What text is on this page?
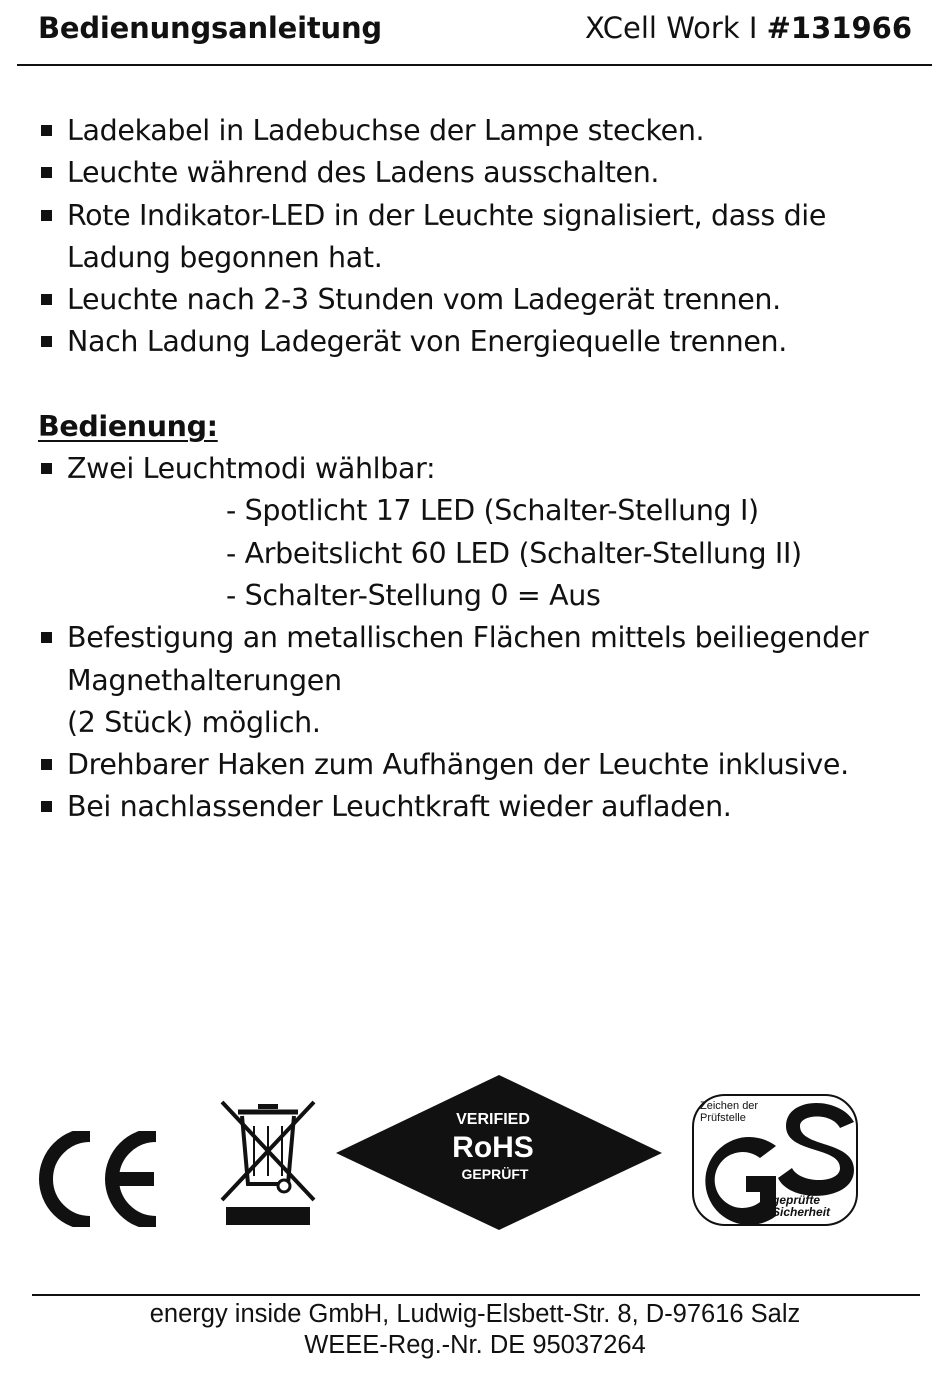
Bedienungsanleitung	XCell Work I #131966
Ladekabel in Ladebuchse der Lampe stecken.
Leuchte während des Ladens ausschalten.
Rote Indikator-LED in der Leuchte signalisiert, dass die Ladung begonnen hat.
Leuchte nach 2-3 Stunden vom Ladegerät trennen.
Nach Ladung Ladegerät von Energiequelle trennen.
Bedienung:
Zwei Leuchtmodi wählbar:
- Spotlicht 17 LED (Schalter-Stellung I)
- Arbeitslicht 60 LED (Schalter-Stellung II)
- Schalter-Stellung 0 = Aus
Befestigung an metallischen Flächen mittels beiliegender Magnethalterungen
(2 Stück) möglich.
Drehbarer Haken zum Aufhängen der Leuchte inklusive.
Bei nachlassender Leuchtkraft wieder aufladen.
VERIFIED
RoHS
GEPRÜFT
Zeichen der
Prüfstelle
geprüfte
Sicherheit
energy inside GmbH, Ludwig-Elsbett-Str. 8, D-97616 Salz
WEEE-Reg.-Nr. DE 95037264
